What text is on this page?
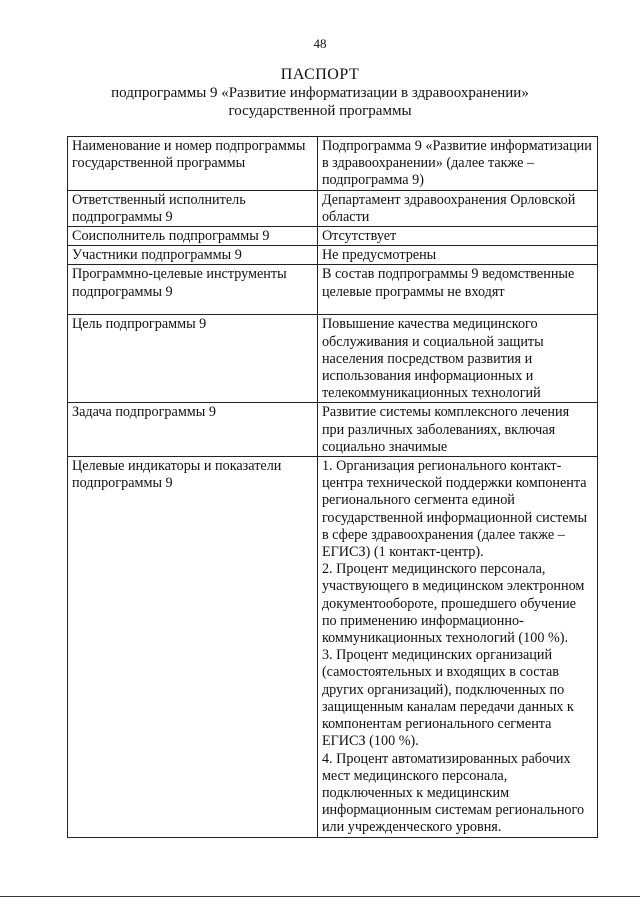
48
ПАСПОРТ
подпрограммы 9 «Развитие информатизации в здравоохранении»
государственной программы
Наименование и номер подпрограммы государственной программы	Подпрограмма 9 «Развитие информатизации в здравоохранении» (далее также – подпрограмма 9)
Ответственный исполнитель подпрограммы 9	Департамент здравоохранения Орловской области
Соисполнитель подпрограммы 9	Отсутствует
Участники подпрограммы 9	Не предусмотрены
Программно-целевые инструменты подпрограммы 9	В состав подпрограммы 9 ведомственные целевые программы не входят
Цель подпрограммы 9	Повышение качества медицинского обслуживания и социальной защиты населения посредством развития и использования информационных и телекоммуникационных технологий
Задача подпрограммы 9	Развитие системы комплексного лечения при различных заболеваниях, включая социально значимые
Целевые индикаторы и показатели подпрограммы 9	1. Организация регионального контакт-центра технической поддержки компонента регионального сегмента единой государственной информационной системы в сфере здравоохранения (далее также – ЕГИСЗ) (1 контакт-центр).
2. Процент медицинского персонала, участвующего в медицинском электронном документообороте, прошедшего обучение по применению информационно-коммуникационных технологий (100 %).
3. Процент медицинских организаций (самостоятельных и входящих в состав других организаций), подключенных по защищенным каналам передачи данных к компонентам регионального сегмента ЕГИСЗ (100 %).
4. Процент автоматизированных рабочих мест медицинского персонала, подключенных к медицинским информационным системам регионального или учрежденческого уровня.
